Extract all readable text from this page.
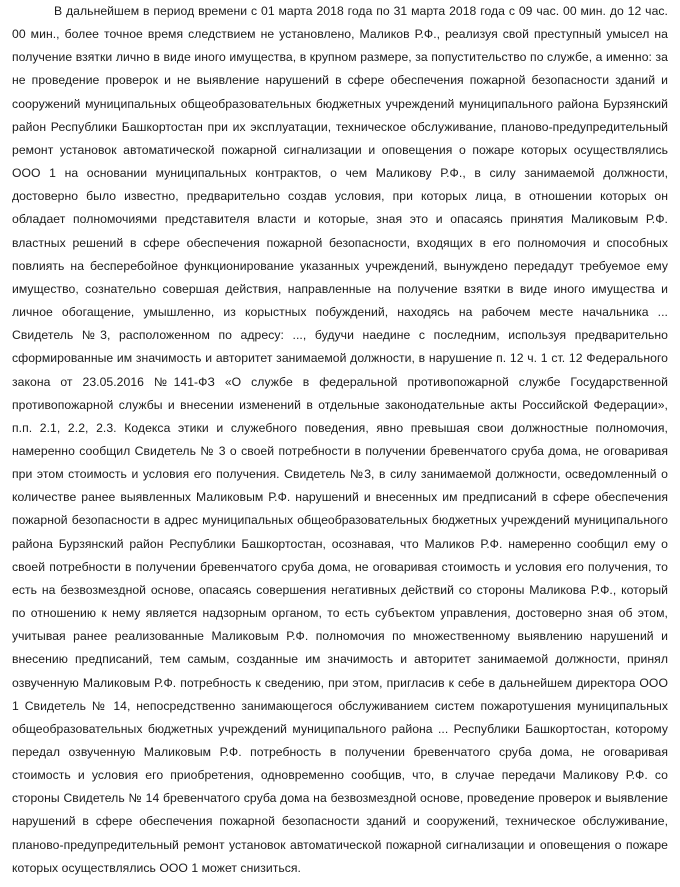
В дальнейшем в период времени с 01 марта 2018 года по 31 марта 2018 года с 09 час. 00 мин. до 12 час. 00 мин., более точное время следствием не установлено, Маликов Р.Ф., реализуя свой преступный умысел на получение взятки лично в виде иного имущества, в крупном размере, за попустительство по службе, а именно: за не проведение проверок и не выявление нарушений в сфере обеспечения пожарной безопасности зданий и сооружений муниципальных общеобразовательных бюджетных учреждений муниципального района Бурзянский район Республики Башкортостан при их эксплуатации, техническое обслуживание, планово-предупредительный ремонт установок автоматической пожарной сигнализации и оповещения о пожаре которых осуществлялись ООО 1 на основании муниципальных контрактов, о чем Маликову Р.Ф., в силу занимаемой должности, достоверно было известно, предварительно создав условия, при которых лица, в отношении которых он обладает полномочиями представителя власти и которые, зная это и опасаясь принятия Маликовым Р.Ф. властных решений в сфере обеспечения пожарной безопасности, входящих в его полномочия и способных повлиять на бесперебойное функционирование указанных учреждений, вынуждено передадут требуемое ему имущество, сознательно совершая действия, направленные на получение взятки в виде иного имущества и личное обогащение, умышленно, из корыстных побуждений, находясь на рабочем месте начальника ... Свидетель №3, расположенном по адресу: ..., будучи наедине с последним, используя предварительно сформированные им значимость и авторитет занимаемой должности, в нарушение п. 12 ч. 1 ст. 12 Федерального закона от 23.05.2016 №141-ФЗ «О службе в федеральной противопожарной службе Государственной противопожарной службы и внесении изменений в отдельные законодательные акты Российской Федерации», п.п. 2.1, 2.2, 2.3. Кодекса этики и служебного поведения, явно превышая свои должностные полномочия, намеренно сообщил Свидетель № 3 о своей потребности в получении бревенчатого сруба дома, не оговаривая при этом стоимость и условия его получения. Свидетель №3, в силу занимаемой должности, осведомленный о количестве ранее выявленных Маликовым Р.Ф. нарушений и внесенных им предписаний в сфере обеспечения пожарной безопасности в адрес муниципальных общеобразовательных бюджетных учреждений муниципального района Бурзянский район Республики Башкортостан, осознавая, что Маликов Р.Ф. намеренно сообщил ему о своей потребности в получении бревенчатого сруба дома, не оговаривая стоимость и условия его получения, то есть на безвозмездной основе, опасаясь совершения негативных действий со стороны Маликова Р.Ф., который по отношению к нему является надзорным органом, то есть субъектом управления, достоверно зная об этом, учитывая ранее реализованные Маликовым Р.Ф. полномочия по множественному выявлению нарушений и внесению предписаний, тем самым, созданные им значимость и авторитет занимаемой должности, принял озвученную Маликовым Р.Ф. потребность к сведению, при этом, пригласив к себе в дальнейшем директора ООО 1 Свидетель № 14, непосредственно занимающегося обслуживанием систем пожаротушения муниципальных общеобразовательных бюджетных учреждений муниципального района ... Республики Башкортостан, которому передал озвученную Маликовым Р.Ф. потребность в получении бревенчатого сруба дома, не оговаривая стоимость и условия его приобретения, одновременно сообщив, что, в случае передачи Маликову Р.Ф. со стороны Свидетель № 14 бревенчатого сруба дома на безвозмездной основе, проведение проверок и выявление нарушений в сфере обеспечения пожарной безопасности зданий и сооружений, техническое обслуживание, планово-предупредительный ремонт установок автоматической пожарной сигнализации и оповещения о пожаре которых осуществлялись ООО 1 может снизиться.
